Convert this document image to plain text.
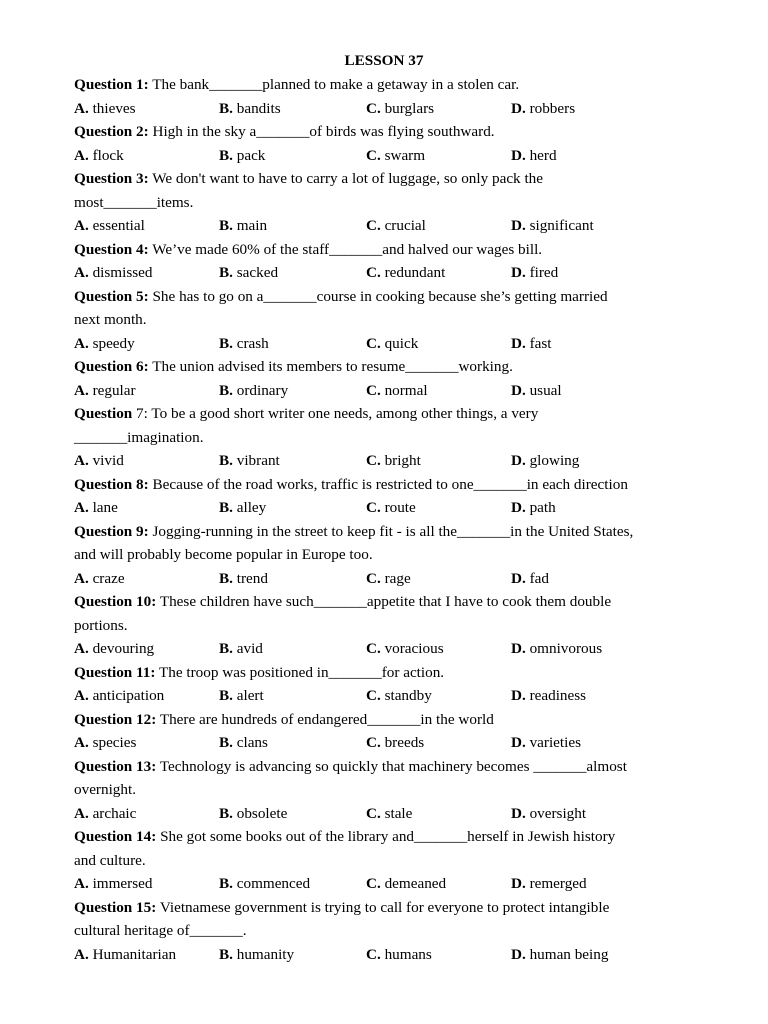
LESSON 37
Question 1: The bank_______planned to make a getaway in a stolen car.
A. thieves	B. bandits	C. burglars	D. robbers
Question 2: High in the sky a_______of birds was flying southward.
A. flock	B. pack	C. swarm	D. herd
Question 3: We don't want to have to carry a lot of luggage, so only pack the
most_______items.
A. essential	B. main	C. crucial	D. significant
Question 4: We’ve made 60% of the staff_______and halved our wages bill.
A. dismissed	B. sacked	C. redundant	D. fired
Question 5: She has to go on a_______course in cooking because she’s getting married
next month.
A. speedy	B. crash	C. quick	D. fast
Question 6: The union advised its members to resume_______working.
A. regular	B. ordinary	C. normal	D. usual
Question 7: To be a good short writer one needs, among other things, a very
_______imagination.
A. vivid	B. vibrant	C. bright	D. glowing
Question 8: Because of the road works, traffic is restricted to one_______in each direction
A. lane	B. alley	C. route	D. path
Question 9: Jogging-running in the street to keep fit - is all the_______in the United States,
and will probably become popular in Europe too.
A. craze	B. trend	C. rage	D. fad
Question 10: These children have such_______appetite that I have to cook them double
portions.
A. devouring	B. avid	C. voracious	D. omnivorous
Question 11: The troop was positioned in_______for action.
A. anticipation	B. alert	C. standby	D. readiness
Question 12: There are hundreds of endangered_______in the world
A. species	B. clans	C. breeds	D. varieties
Question 13: Technology is advancing so quickly that machinery becomes _______almost
overnight.
A. archaic	B. obsolete	C. stale	D. oversight
Question 14: She got some books out of the library and_______herself in Jewish history
and culture.
A. immersed	B. commenced	C. demeaned	D. remerged
Question 15: Vietnamese government is trying to call for everyone to protect intangible
cultural heritage of_______.
A. Humanitarian	B. humanity	C. humans	D. human being
